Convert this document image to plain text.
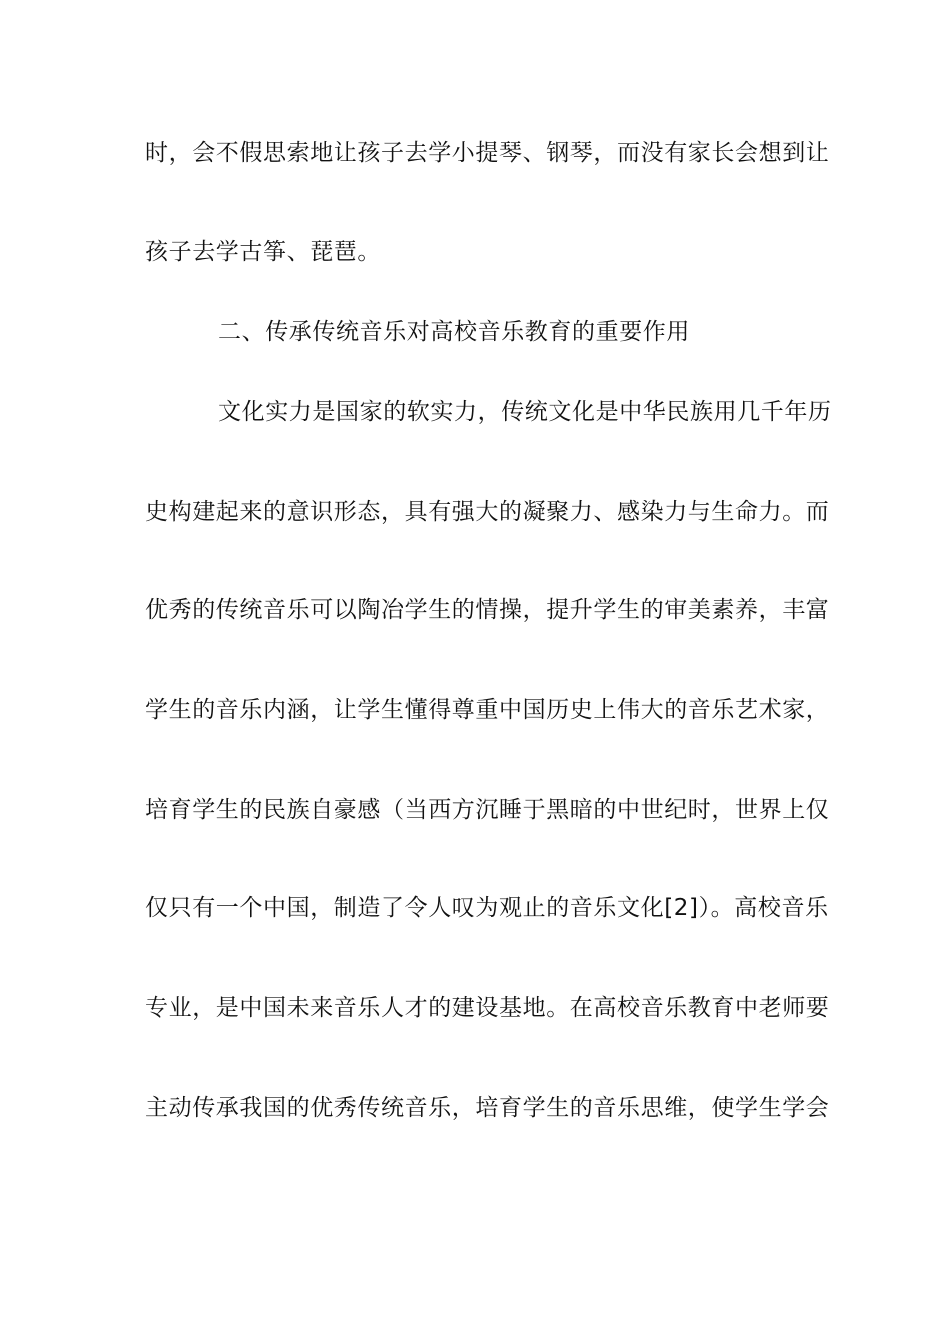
时，会不假思索地让孩子去学小提琴、钢琴，而没有家长会想到让
孩子去学古筝、琵琶。
二、传承传统音乐对高校音乐教育的重要作用
文化实力是国家的软实力，传统文化是中华民族用几千年历
史构建起来的意识形态，具有强大的凝聚力、感染力与生命力。而
优秀的传统音乐可以陶冶学生的情操，提升学生的审美素养，丰富
学生的音乐内涵，让学生懂得尊重中国历史上伟大的音乐艺术家，
培育学生的民族自豪感（当西方沉睡于黑暗的中世纪时，世界上仅
仅只有一个中国，制造了令人叹为观止的音乐文化[2]）。高校音乐
专业，是中国未来音乐人才的建设基地。在高校音乐教育中老师要
主动传承我国的优秀传统音乐，培育学生的音乐思维，使学生学会
